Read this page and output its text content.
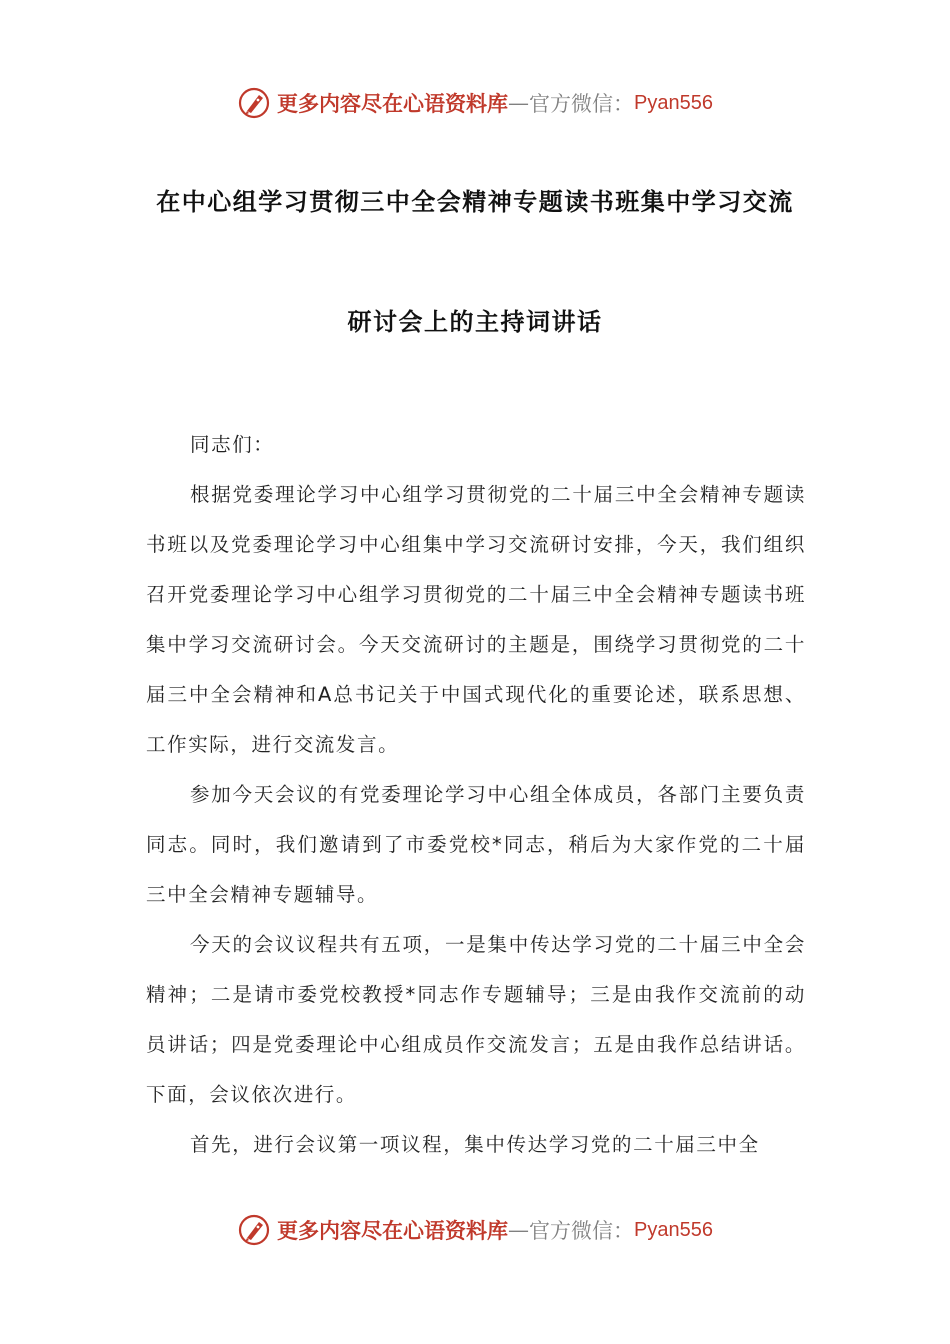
更多内容尽在心语资料库 — 官方微信： Pyan556
在中心组学习贯彻三中全会精神专题读书班集中学习交流
研讨会上的主持词讲话

同志们：

根据党委理论学习中心组学习贯彻党的二十届三中全会精神专题读书班以及党委理论学习中心组集中学习交流研讨安排，今天，我们组织召开党委理论学习中心组学习贯彻党的二十届三中全会精神专题读书班集中学习交流研讨会。今天交流研讨的主题是，围绕学习贯彻党的二十届三中全会精神和A总书记关于中国式现代化的重要论述，联系思想、工作实际，进行交流发言。

参加今天会议的有党委理论学习中心组全体成员，各部门主要负责同志。同时，我们邀请到了市委党校*同志，稍后为大家作党的二十届三中全会精神专题辅导。

今天的会议议程共有五项，一是集中传达学习党的二十届三中全会精神；二是请市委党校教授*同志作专题辅导；三是由我作交流前的动员讲话；四是党委理论中心组成员作交流发言；五是由我作总结讲话。下面，会议依次进行。

首先，进行会议第一项议程，集中传达学习党的二十届三中全

更多内容尽在心语资料库 — 官方微信： Pyan556
